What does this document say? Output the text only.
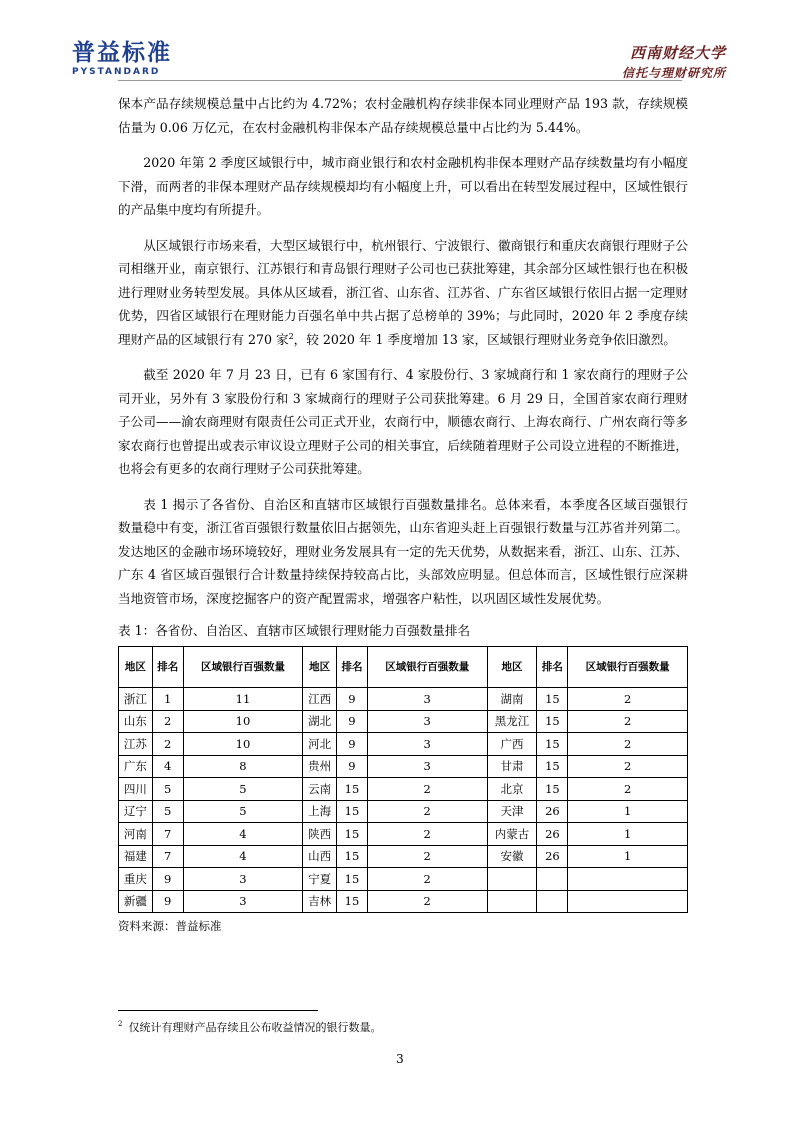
普益标准
PYSTANDARD
西南财经大学
信托与理财研究所

保本产品存续规模总量中占比约为 4.72%；农村金融机构存续非保本同业理财产品 193 款，存续规模估量为 0.06 万亿元，在农村金融机构非保本产品存续规模总量中占比约为 5.44%。

2020 年第 2 季度区域银行中，城市商业银行和农村金融机构非保本理财产品存续数量均有小幅度下滑，而两者的非保本理财产品存续规模却均有小幅度上升，可以看出在转型发展过程中，区域性银行的产品集中度均有所提升。

从区域银行市场来看，大型区域银行中，杭州银行、宁波银行、徽商银行和重庆农商银行理财子公司相继开业，南京银行、江苏银行和青岛银行理财子公司也已获批筹建，其余部分区域性银行也在积极进行理财业务转型发展。具体从区域看，浙江省、山东省、江苏省、广东省区域银行依旧占据一定理财优势，四省区域银行在理财能力百强名单中共占据了总榜单的 39%；与此同时，2020 年 2 季度存续理财产品的区域银行有 270 家$^2$，较 2020 年 1 季度增加 13 家，区域银行理财业务竞争依旧激烈。

截至 2020 年 7 月 23 日，已有 6 家国有行、4 家股份行、3 家城商行和 1 家农商行的理财子公司开业，另外有 3 家股份行和 3 家城商行的理财子公司获批筹建。6 月 29 日，全国首家农商行理财子公司——渝农商理财有限责任公司正式开业，农商行中，顺德农商行、上海农商行、广州农商行等多家农商行也曾提出或表示审议设立理财子公司的相关事宜，后续随着理财子公司设立进程的不断推进，也将会有更多的农商行理财子公司获批筹建。

表 1 揭示了各省份、自治区和直辖市区域银行百强数量排名。总体来看，本季度各区域百强银行数量稳中有变，浙江省百强银行数量依旧占据领先，山东省迎头赶上百强银行数量与江苏省并列第二。发达地区的金融市场环境较好，理财业务发展具有一定的先天优势，从数据来看，浙江、山东、江苏、广东 4 省区域百强银行合计数量持续保持较高占比，头部效应明显。但总体而言，区域性银行应深耕当地资管市场，深度挖掘客户的资产配置需求，增强客户粘性，以巩固区域性发展优势。

表 1：各省份、自治区、直辖市区域银行理财能力百强数量排名
地区	排名	区域银行百强数量	地区	排名	区域银行百强数量	地区	排名	区域银行百强数量
浙江	1	11	江西	9	3	湖南	15	2
山东	2	10	湖北	9	3	黑龙江	15	2
江苏	2	10	河北	9	3	广西	15	2
广东	4	8	贵州	9	3	甘肃	15	2
四川	5	5	云南	15	2	北京	15	2
辽宁	5	5	上海	15	2	天津	26	1
河南	7	4	陕西	15	2	内蒙古	26	1
福建	7	4	山西	15	2	安徽	26	1
重庆	9	3	宁夏	15	2			
新疆	9	3	吉林	15	2			
资料来源：普益标准
$^2$ 仅统计有理财产品存续且公布收益情况的银行数量。
3
